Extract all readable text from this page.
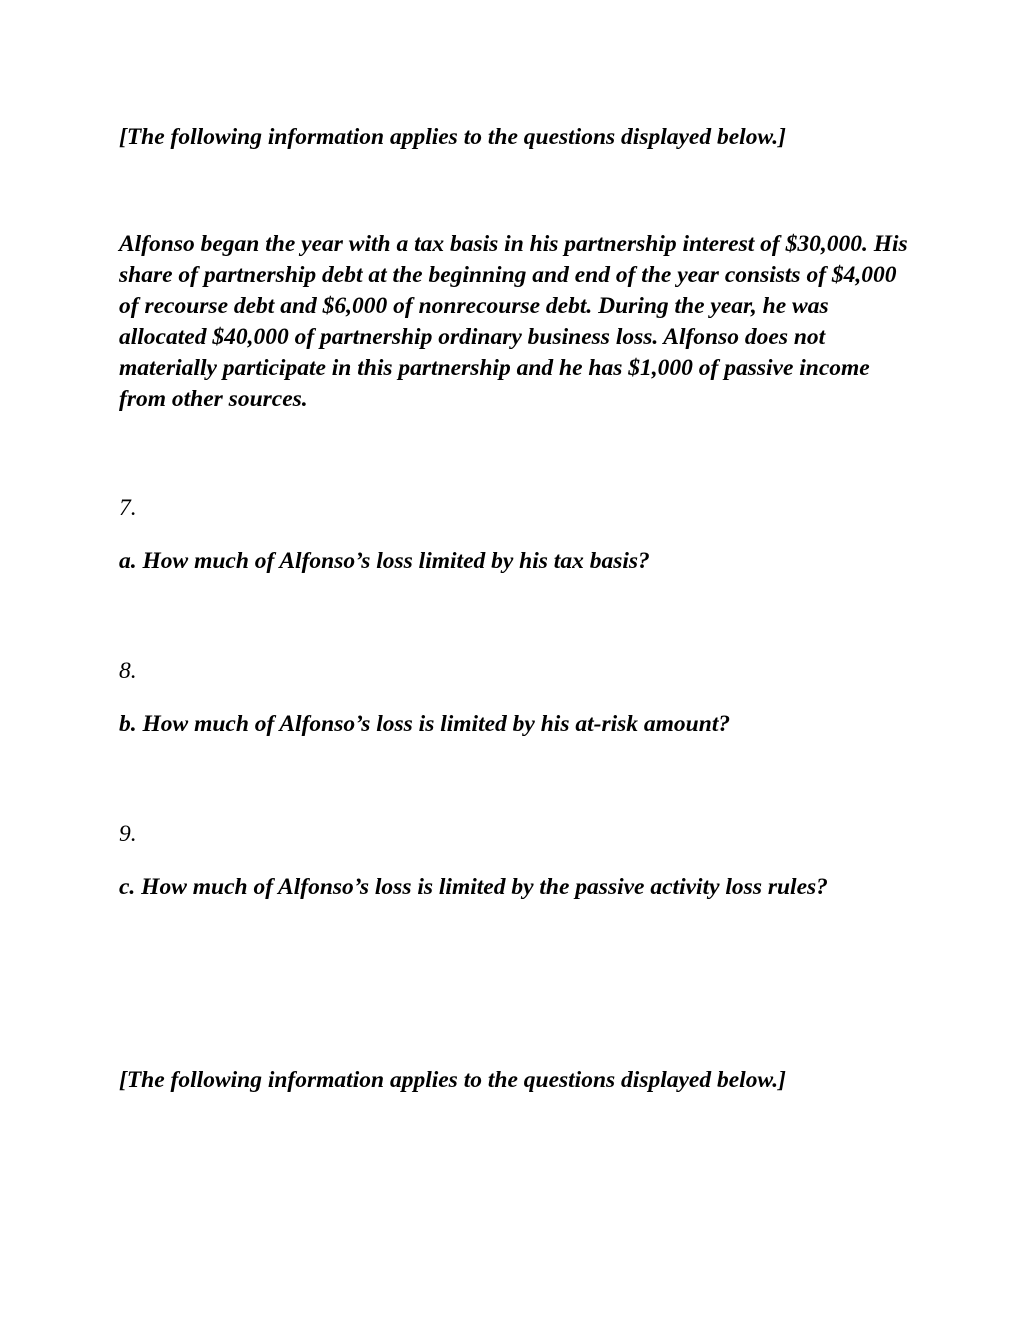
[The following information applies to the questions displayed below.]

Alfonso began the year with a tax basis in his partnership interest of $30,000. His share of partnership debt at the beginning and end of the year consists of $4,000 of recourse debt and $6,000 of nonrecourse debt. During the year, he was allocated $40,000 of partnership ordinary business loss. Alfonso does not materially participate in this partnership and he has $1,000 of passive income from other sources.

7.

a. How much of Alfonso’s loss limited by his tax basis?

8.

b. How much of Alfonso’s loss is limited by his at-risk amount?

9.

c. How much of Alfonso’s loss is limited by the passive activity loss rules?

[The following information applies to the questions displayed below.]
